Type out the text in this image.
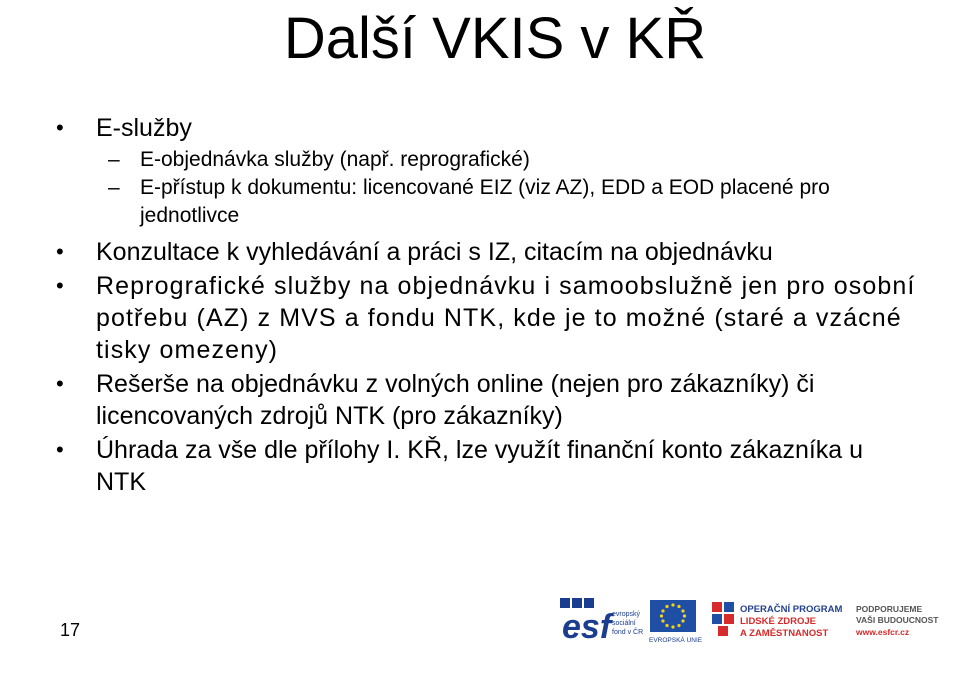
Další VKIS v KŘ
• E-služby
– E-objednávka služby (např. reprografické)
– E-přístup k dokumentu: licencované EIZ (viz AZ), EDD a EOD placené pro jednotlivce
• Konzultace k vyhledávání a práci s IZ, citacím na objednávku
• Reprografické služby na objednávku i samoobslužně jen pro osobní potřebu (AZ) z MVS a fondu NTK, kde je to možné (staré a vzácné tisky omezeny)
• Rešerše na objednávku z volných online (nejen pro zákazníky) či licencovaných zdrojů NTK (pro zákazníky)
• Úhrada za vše dle přílohy I. KŘ, lze využít finanční konto zákazníka u NTK
17	esf evropský
sociální
fond v ČR
EVROPSKÁ UNIE
OPERAČNÍ PROGRAM
LIDSKÉ ZDROJE
A ZAMĚSTNANOST
PODPORUJEME
VAŠI BUDOUCNOST
www.esfcr.cz
